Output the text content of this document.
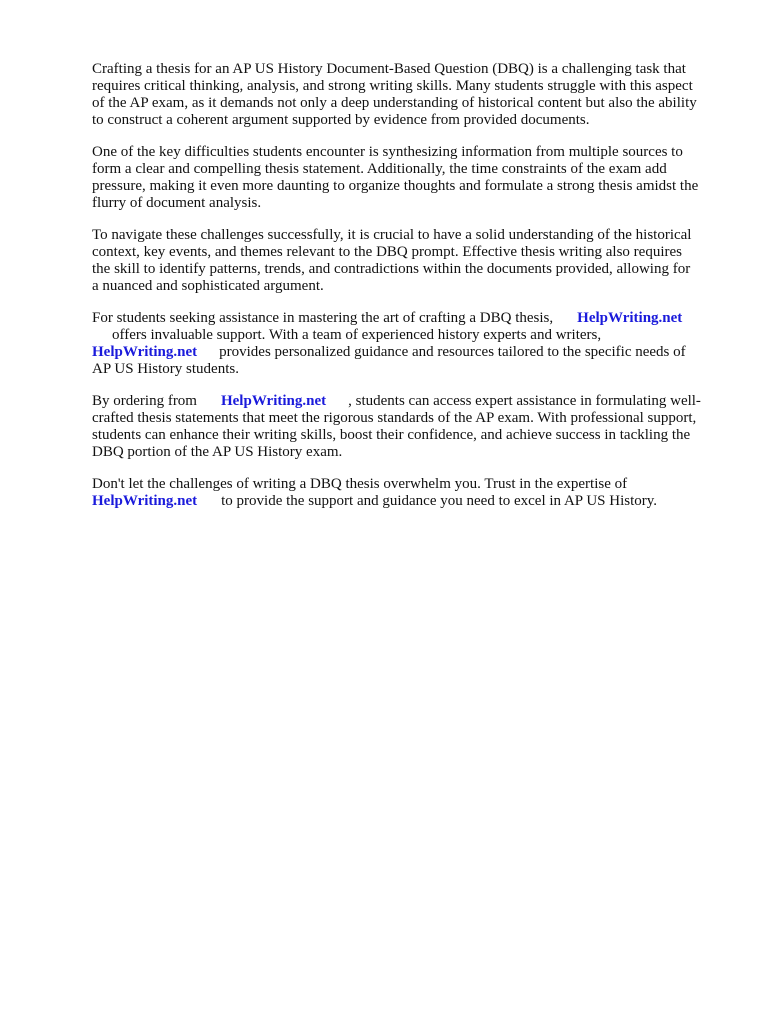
Crafting a thesis for an AP US History Document-Based Question (DBQ) is a challenging task that
requires critical thinking, analysis, and strong writing skills. Many students struggle with this aspect
of the AP exam, as it demands not only a deep understanding of historical content but also the ability
to construct a coherent argument supported by evidence from provided documents.

One of the key difficulties students encounter is synthesizing information from multiple sources to
form a clear and compelling thesis statement. Additionally, the time constraints of the exam add
pressure, making it even more daunting to organize thoughts and formulate a strong thesis amidst the
flurry of document analysis.

To navigate these challenges successfully, it is crucial to have a solid understanding of the historical
context, key events, and themes relevant to the DBQ prompt. Effective thesis writing also requires
the skill to identify patterns, trends, and contradictions within the documents provided, allowing for
a nuanced and sophisticated argument.

For students seeking assistance in mastering the art of crafting a DBQ thesis, HelpWriting.net
offers invaluable support. With a team of experienced history experts and writers,
HelpWriting.net provides personalized guidance and resources tailored to the specific needs of
AP US History students.

By ordering from HelpWriting.net , students can access expert assistance in formulating well-
crafted thesis statements that meet the rigorous standards of the AP exam. With professional support,
students can enhance their writing skills, boost their confidence, and achieve success in tackling the
DBQ portion of the AP US History exam.

Don't let the challenges of writing a DBQ thesis overwhelm you. Trust in the expertise of
HelpWriting.net to provide the support and guidance you need to excel in AP US History.
